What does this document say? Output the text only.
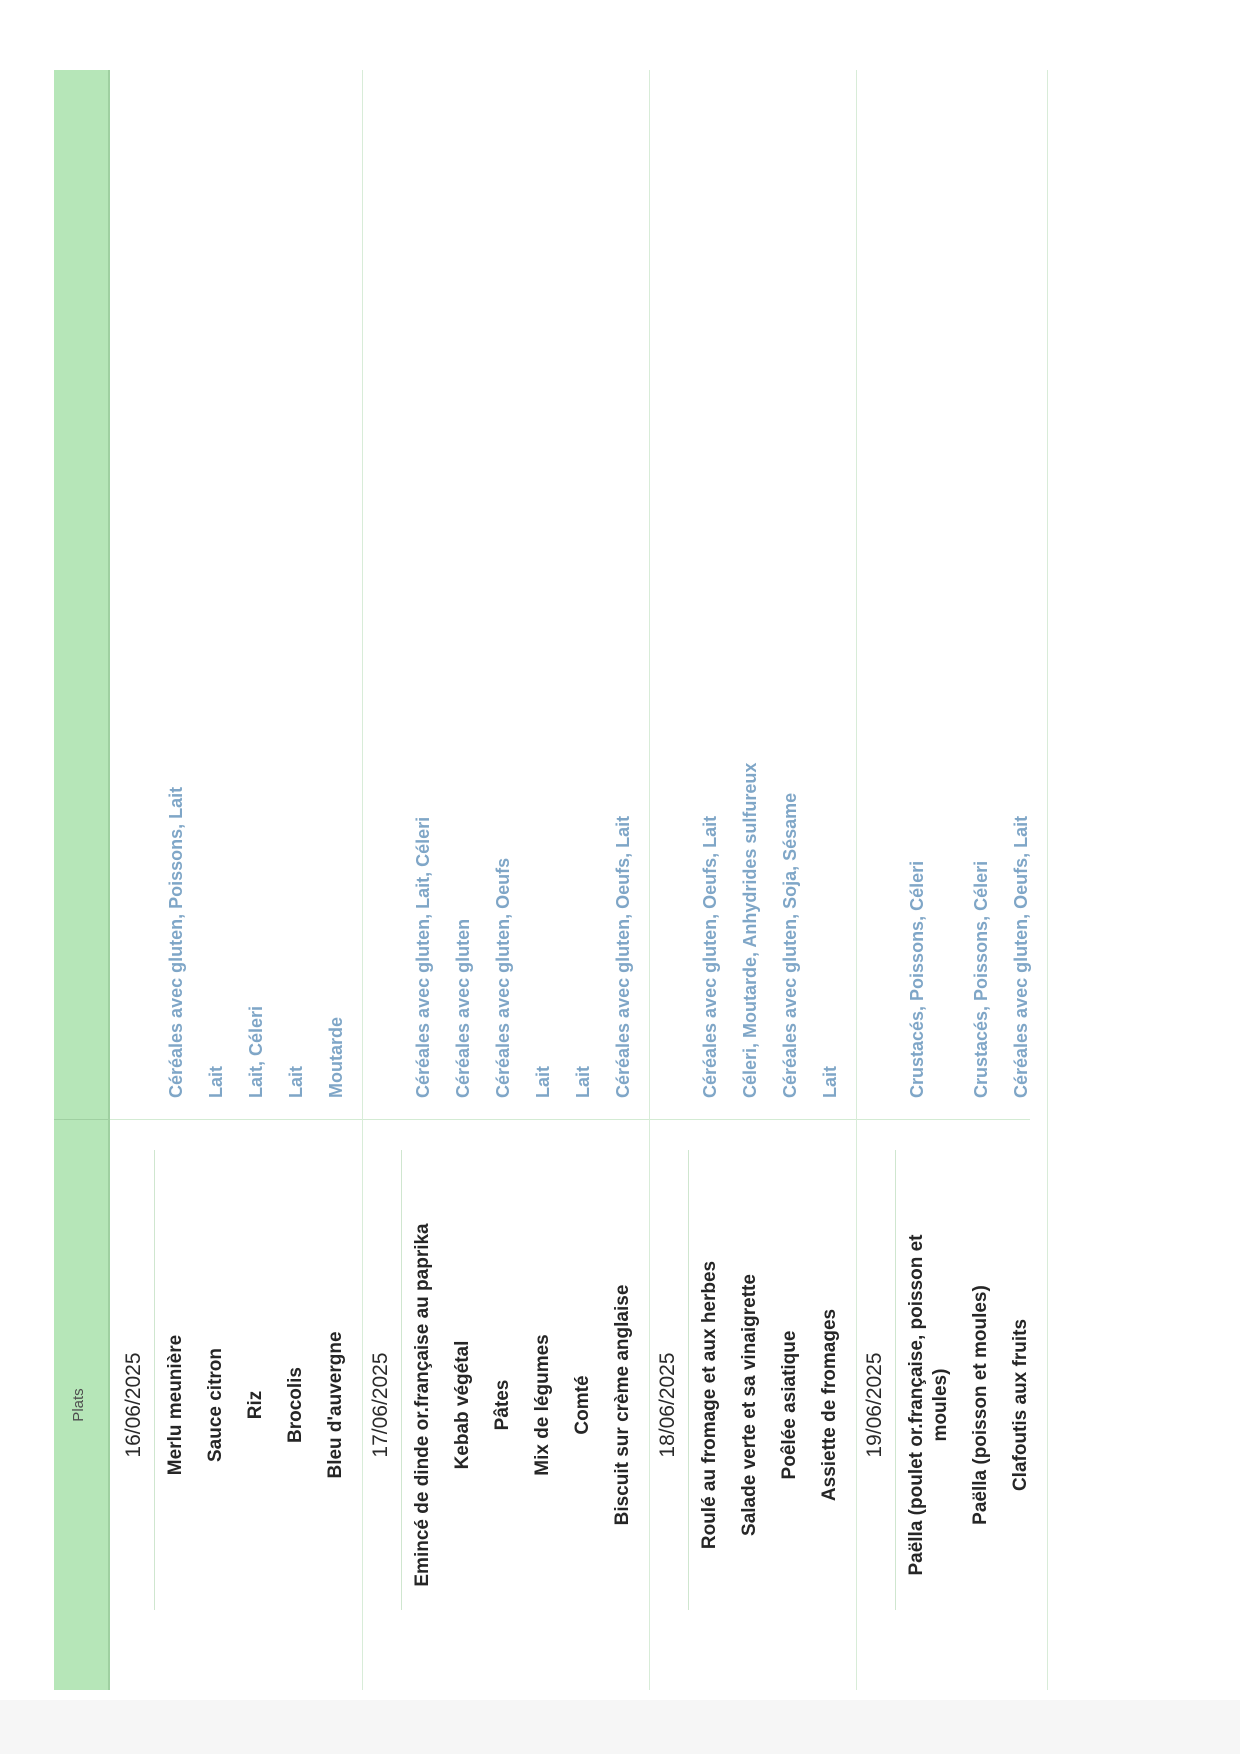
Plats 16/06/2025 Merlu meunière
Céréales avec gluten, Poissons, Lait
Sauce citron
Lait
Riz
Lait, Céleri
Brocolis
Lait
Bleu d'auvergne
Moutarde
17/06/2025 Emincé de dinde or.française au paprika
Céréales avec gluten, Lait, Céleri
Kebab végétal
Céréales avec gluten
Pâtes
Céréales avec gluten, Oeufs
Mix de légumes
Lait
Comté
Lait
Biscuit sur crème anglaise
Céréales avec gluten, Oeufs, Lait
18/06/2025 Roulé au fromage et aux herbes
Céréales avec gluten, Oeufs, Lait
Salade verte et sa vinaigrette
Céleri, Moutarde, Anhydrides sulfureux
Poêlée asiatique
Céréales avec gluten, Soja, Sésame
Assiette de fromages
Lait
19/06/2025 Paëlla (poulet or.française, poisson et moules)
Crustacés, Poissons, Céleri
Paëlla (poisson et moules)
Crustacés, Poissons, Céleri
Clafoutis aux fruits
Céréales avec gluten, Oeufs, Lait
